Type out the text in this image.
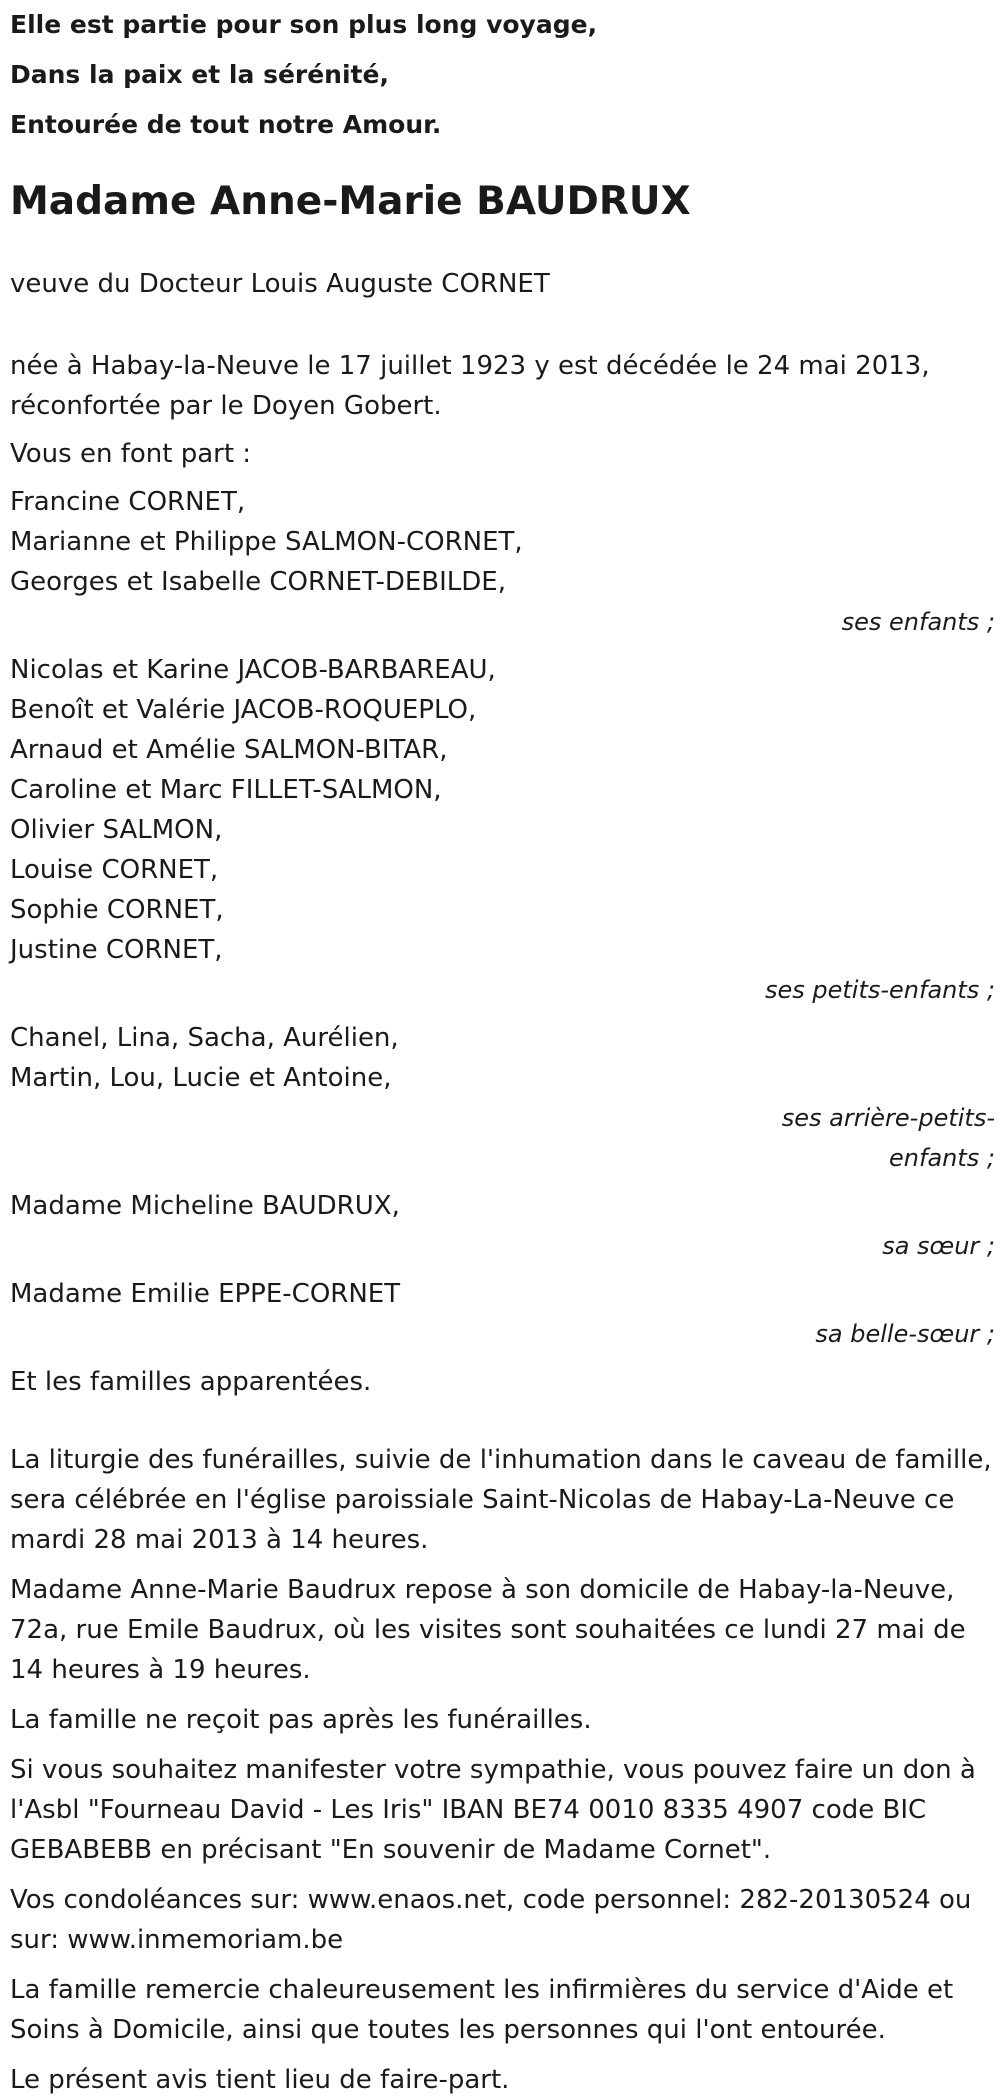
Elle est partie pour son plus long voyage,

Dans la paix et la sérénité,

Entourée de tout notre Amour.

Madame Anne-Marie BAUDRUX

veuve du Docteur Louis Auguste CORNET

née à Habay-la-Neuve le 17 juillet 1923 y est décédée le 24 mai 2013,
réconfortée par le Doyen Gobert.

Vous en font part :

Francine CORNET,
Marianne et Philippe SALMON-CORNET,
Georges et Isabelle CORNET-DEBILDE,
ses enfants ;
Nicolas et Karine JACOB-BARBAREAU,
Benoît et Valérie JACOB-ROQUEPLO,
Arnaud et Amélie SALMON-BITAR,
Caroline et Marc FILLET-SALMON,
Olivier SALMON,
Louise CORNET,
Sophie CORNET,
Justine CORNET,
ses petits-enfants ;
Chanel, Lina, Sacha, Aurélien,
Martin, Lou, Lucie et Antoine,
ses arrière-petits-
enfants ;
Madame Micheline BAUDRUX,
sa sœur ;
Madame Emilie EPPE-CORNET
sa belle-sœur ;

Et les familles apparentées.

La liturgie des funérailles, suivie de l'inhumation dans le caveau de famille, sera célébrée en l'église paroissiale Saint-Nicolas de Habay-La-Neuve ce mardi 28 mai 2013 à 14 heures.

Madame Anne-Marie Baudrux repose à son domicile de Habay-la-Neuve, 72a, rue Emile Baudrux, où les visites sont souhaitées ce lundi 27 mai de 14 heures à 19 heures.

La famille ne reçoit pas après les funérailles.

Si vous souhaitez manifester votre sympathie, vous pouvez faire un don à l'Asbl "Fourneau David - Les Iris" IBAN BE74 0010 8335 4907 code BIC GEBABEBB en précisant "En souvenir de Madame Cornet".

Vos condoléances sur: www.enaos.net, code personnel: 282-20130524 ou sur: www.inmemoriam.be

La famille remercie chaleureusement les infirmières du service d'Aide et Soins à Domicile, ainsi que toutes les personnes qui l'ont entourée.

Le présent avis tient lieu de faire-part.
